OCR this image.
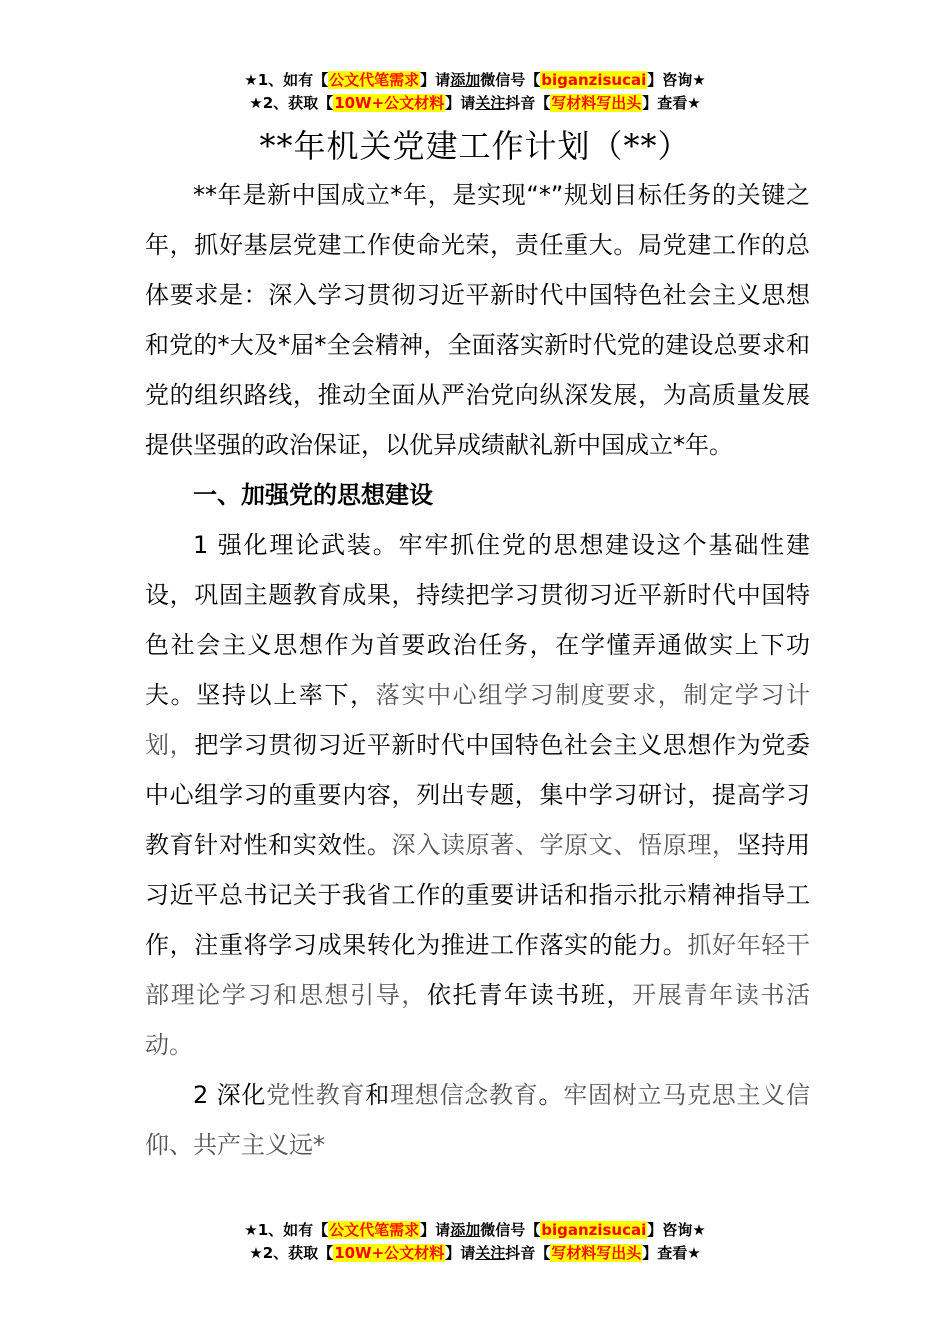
★1、如有【公文代笔需求】请添加微信号【biganzisucai】咨询★
★2、获取【10W+公文材料】请关注抖音【写材料写出头】查看★
**年机关党建工作计划（**）

**年是新中国成立*年，是实现“*”规划目标任务的关键之年，抓好基层党建工作使命光荣，责任重大。局党建工作的总体要求是：深入学习贯彻习近平新时代中国特色社会主义思想和党的*大及*届*全会精神，全面落实新时代党的建设总要求和党的组织路线，推动全面从严治党向纵深发展，为高质量发展提供坚强的政治保证，以优异成绩献礼新中国成立*年。

一、加强党的思想建设

1 强化理论武装。牢牢抓住党的思想建设这个基础性建设，巩固主题教育成果，持续把学习贯彻习近平新时代中国特色社会主义思想作为首要政治任务，在学懂弄通做实上下功夫。坚持以上率下，落实中心组学习制度要求，制定学习计划，把学习贯彻习近平新时代中国特色社会主义思想作为党委中心组学习的重要内容，列出专题，集中学习研讨，提高学习教育针对性和实效性。深入读原著、学原文、悟原理，坚持用习近平总书记关于我省工作的重要讲话和指示批示精神指导工作，注重将学习成果转化为推进工作落实的能力。抓好年轻干部理论学习和思想引导，依托青年读书班，开展青年读书活动。

2 深化党性教育和理想信念教育。牢固树立马克思主义信仰、共产主义远*

★1、如有【公文代笔需求】请添加微信号【biganzisucai】咨询★
★2、获取【10W+公文材料】请关注抖音【写材料写出头】查看★
